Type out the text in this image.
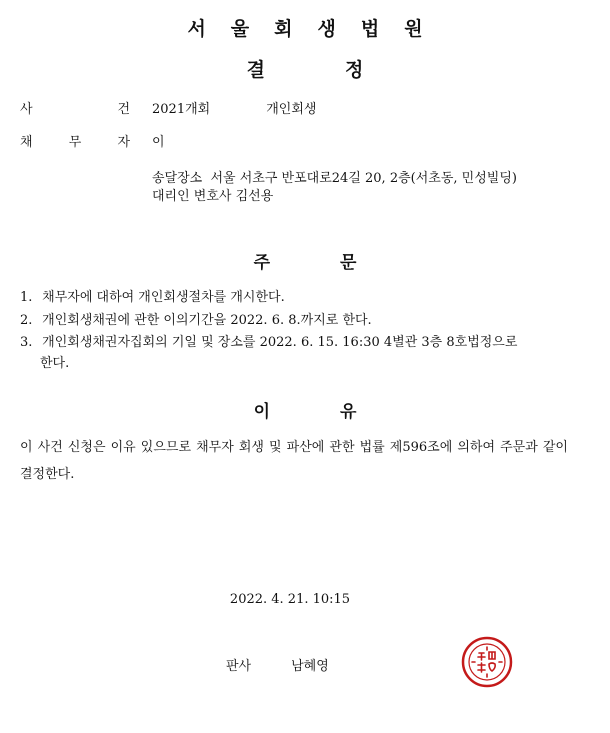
서울회생법원
결정
사	건 2021개회	개인회생
채	무	자 이
송달장소  서울 서초구 반포대로24길 20, 2층(서초동, 민성빌딩)
대리인 변호사 김선용
주문
1. 채무자에 대하여 개인회생절차를 개시한다.
2. 개인회생채권에 관한 이의기간을 2022. 6. 8.까지로 한다.
3. 개인회생채권자집회의 기일 및 장소를 2022. 6. 15. 16:30 4별관 3층 8호법정으로
한다.
이유
이 사건 신청은 이유 있으므로 채무자 회생 및 파산에 관한 법률 제596조에 의하여 주문과 같이 결정한다.
2022. 4. 21. 10:15
판사	남혜영
